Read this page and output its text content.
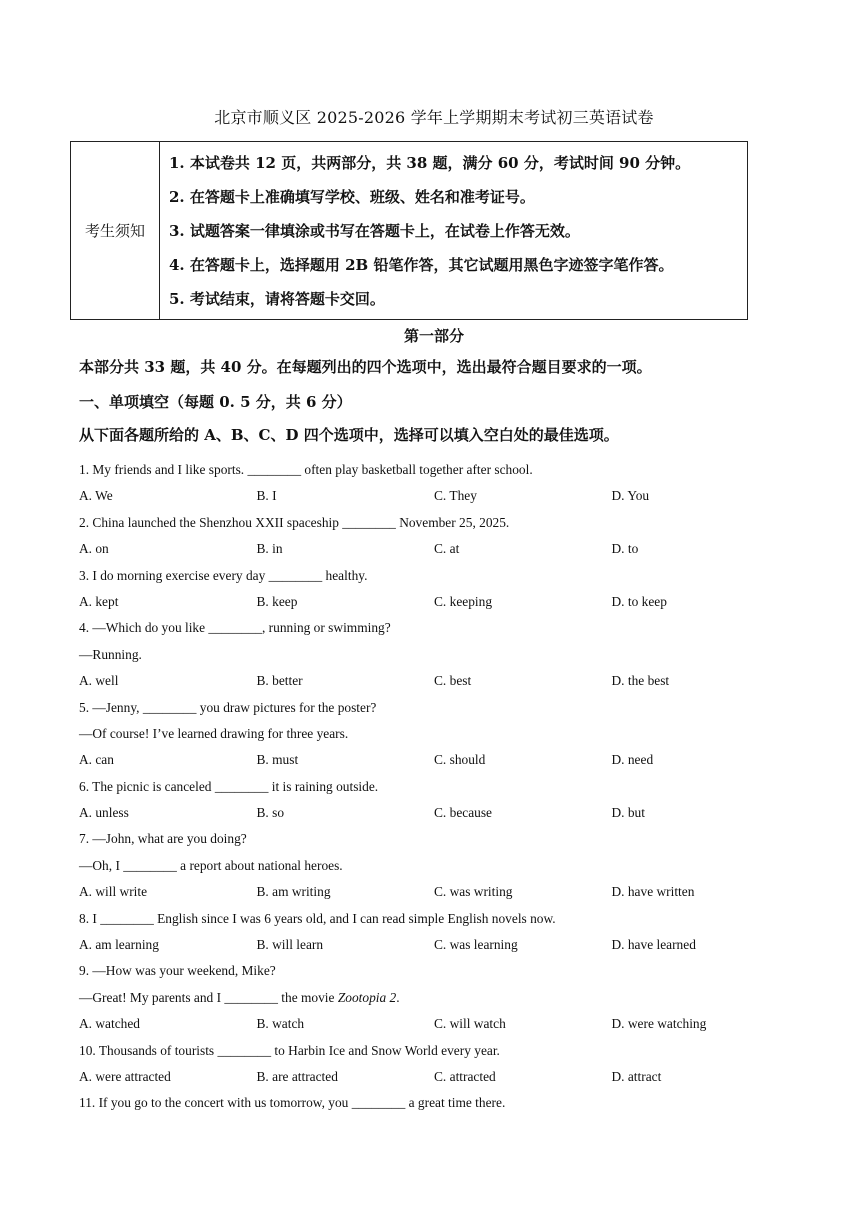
北京市顺义区 2025-2026 学年上学期期末考试初三英语试卷
考生须知
1. 本试卷共 12 页，共两部分，共 38 题，满分 60 分，考试时间 90 分钟。
2. 在答题卡上准确填写学校、班级、姓名和准考证号。
3. 试题答案一律填涂或书写在答题卡上，在试卷上作答无效。
4. 在答题卡上，选择题用 2B 铅笔作答，其它试题用黑色字迹签字笔作答。
5. 考试结束，请将答题卡交回。
第一部分
本部分共 33 题，共 40 分。在每题列出的四个选项中，选出最符合题目要求的一项。
一、单项填空（每题 0. 5 分，共 6 分）
从下面各题所给的 A、B、C、D 四个选项中，选择可以填入空白处的最佳选项。
1. My friends and I like sports. ________ often play basketball together after school.
A. We	B. I	C. They	D. You
2. China launched the Shenzhou XXII spaceship ________ November 25, 2025.
A. on	B. in	C. at	D. to
3. I do morning exercise every day ________ healthy.
A. kept	B. keep	C. keeping	D. to keep
4. —Which do you like ________, running or swimming?
—Running.
A. well	B. better	C. best	D. the best
5. —Jenny, ________ you draw pictures for the poster?
—Of course! I’ve learned drawing for three years.
A. can	B. must	C. should	D. need
6. The picnic is canceled ________ it is raining outside.
A. unless	B. so	C. because	D. but
7. —John, what are you doing?
—Oh, I ________ a report about national heroes.
A. will write	B. am writing	C. was writing	D. have written
8. I ________ English since I was 6 years old, and I can read simple English novels now.
A. am learning	B. will learn	C. was learning	D. have learned
9. —How was your weekend, Mike?
—Great! My parents and I ________ the movie Zootopia 2.
A. watched	B. watch	C. will watch	D. were watching
10. Thousands of tourists ________ to Harbin Ice and Snow World every year.
A. were attracted	B. are attracted	C. attracted	D. attract
11. If you go to the concert with us tomorrow, you ________ a great time there.
